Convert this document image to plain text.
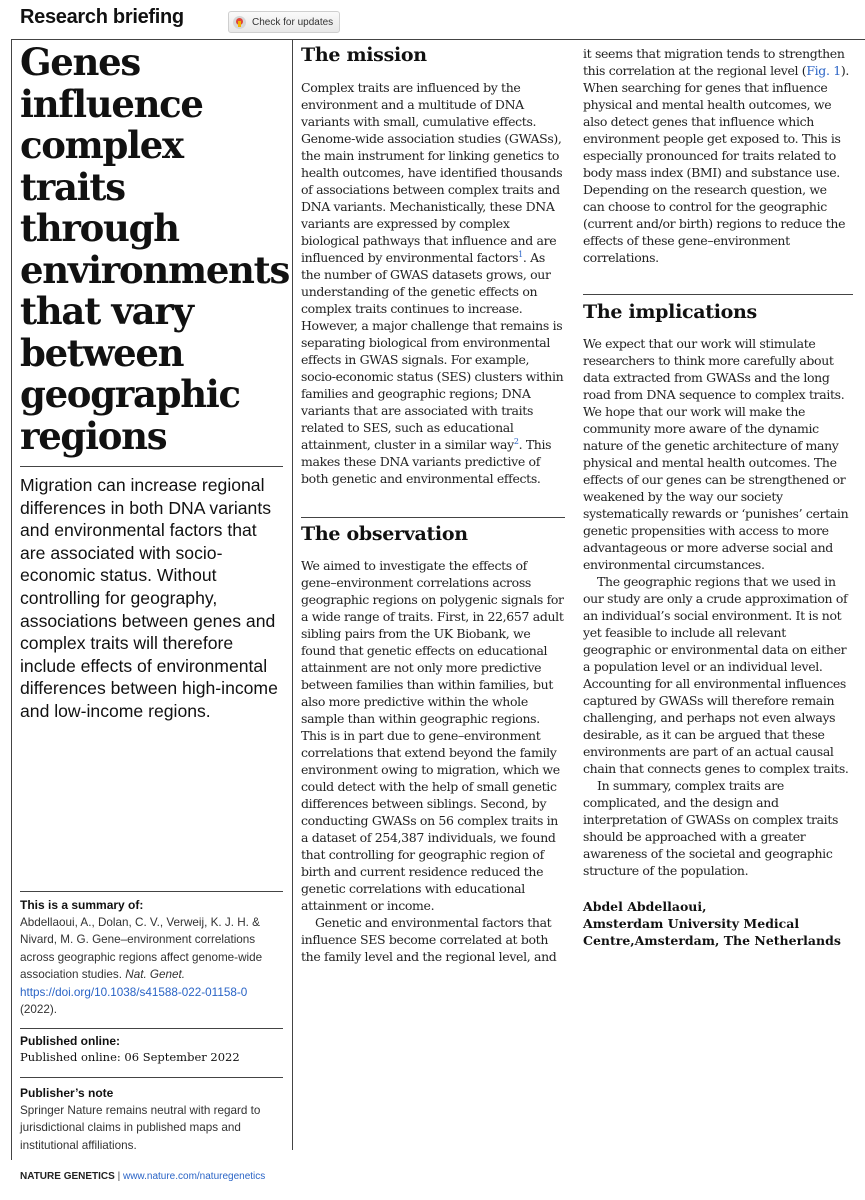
Research briefing	Check for updates
Genes influence complex traits through environments that vary between geographic regions
Migration can increase regional differences in both DNA variants and environmental factors that are associated with socio-economic status. Without controlling for geography, associations between genes and complex traits will therefore include effects of environmental differences between high-income and low-income regions.
This is a summary of:
Abdellaoui, A., Dolan, C. V., Verweij, K. J. H. & Nivard, M. G. Gene–environment correlations across geographic regions affect genome-wide association studies. Nat. Genet. https://doi.org/10.1038/s41588-022-01158-0 (2022).
Published online:
Published online: 06 September 2022
Publisher’s note
Springer Nature remains neutral with regard to jurisdictional claims in published maps and institutional affiliations.
The mission

Complex traits are influenced by the environment and a multitude of DNA variants with small, cumulative effects. Genome-wide association studies (GWASs), the main instrument for linking genetics to health outcomes, have identified thousands of associations between complex traits and DNA variants. Mechanistically, these DNA variants are expressed by complex biological pathways that influence and are influenced by environmental factors$^1$. As

the number of GWAS datasets grows, our understanding of the genetic effects on complex traits continues to increase. However, a major challenge that remains is separating biological from environmental effects in GWAS signals. For example, socio-economic status (SES) clusters within families and geographic regions; DNA variants that are associated with traits related to SES, such as educational attainment, cluster in a similar way$^2$. This makes these DNA variants predictive of both genetic and environmental effects.

The observation

We aimed to investigate the effects of gene–environment correlations across geographic regions on polygenic signals for a wide range of traits. First, in 22,657 adult sibling pairs from the UK Biobank, we found that genetic effects on educational attainment are not only more predictive between families than within families, but also more predictive within the whole sample than within geographic regions. This is in part due to gene–environment correlations that extend beyond the family environment owing to migration, which we could detect with the help of small genetic differences between siblings. Second, by conducting GWASs on 56 complex traits in a dataset of 254,387 individuals, we found that controlling for geographic region of birth and current residence reduced the genetic correlations with educational attainment or income.

Genetic and environmental factors that influence SES become correlated at both the family level and the regional level, and

it seems that migration tends to strengthen this correlation at the regional level (Fig. 1). When searching for genes that influence physical and mental health outcomes, we also detect genes that influence which environment people get exposed to. This is especially pronounced for traits related to body mass index (BMI) and substance use. Depending on the research question, we can choose to control for the geographic (current and/or birth) regions to reduce the effects of these gene–environment correlations.

The implications

We expect that our work will stimulate researchers to think more carefully about data extracted from GWASs and the long road from DNA sequence to complex traits.

We hope that our work will make the community more aware of the dynamic nature of the genetic architecture of many physical and mental health outcomes. The effects of our genes can be strengthened or weakened by the way our society systematically rewards or ‘punishes’ certain genetic propensities with access to more advantageous or more adverse social and environmental circumstances.

The geographic regions that we used in our study are only a crude approximation of an individual’s social environment. It is not yet feasible to include all relevant geographic or environmental data on either a population level or an individual level. Accounting for all environmental influences captured by GWASs will therefore remain challenging, and perhaps not even always desirable, as it can be argued that these environments are part of an actual causal chain that connects genes to complex traits.

In summary, complex traits are complicated, and the design and interpretation of GWASs on complex traits should be approached with a greater awareness of the societal and geographic structure of the population.

Abdel Abdellaoui,
Amsterdam University Medical Centre,Amsterdam, The Netherlands
NATURE GENETICS | www.nature.com/naturegenetics
